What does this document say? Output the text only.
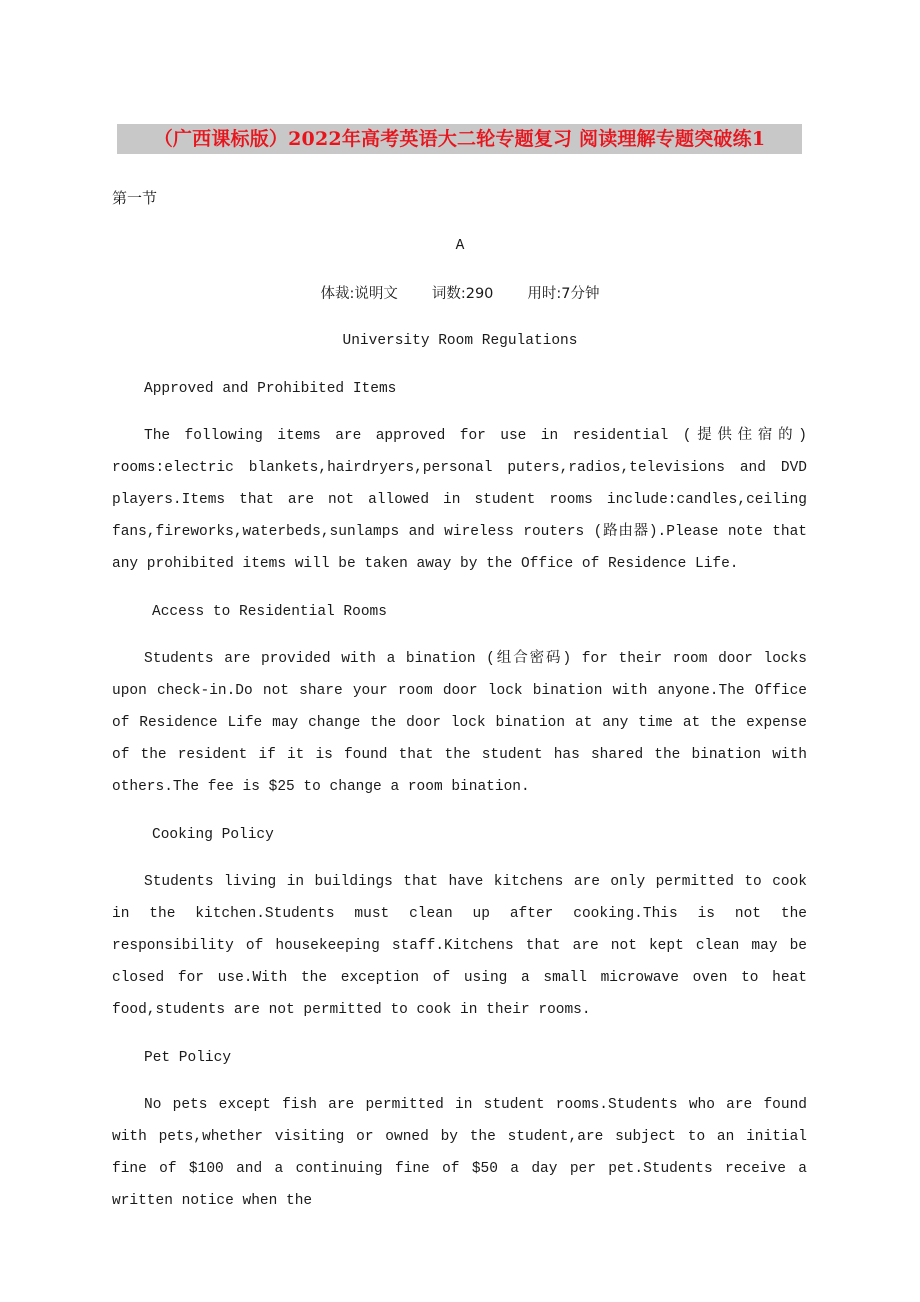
（广西课标版）2022年高考英语大二轮专题复习 阅读理解专题突破练1
第一节
A
体裁:说明文 词数:290 用时:7分钟
University Room Regulations
Approved and Prohibited Items

The following items are approved for use in residential (提供住宿的) rooms:electric blankets,hairdryers,personal puters,radios,televisions and DVD players.Items that are not allowed in student rooms include:candles,ceiling fans,fireworks,waterbeds,sunlamps and wireless routers (路由器).Please note that any prohibited items will be taken away by the Office of Residence Life.

Access to Residential Rooms

Students are provided with a bination (组合密码) for their room door locks upon check-in.Do not share your room door lock bination with anyone.The Office of Residence Life may change the door lock bination at any time at the expense of the resident if it is found that the student has shared the bination with others.The fee is $25 to change a room bination.

Cooking Policy

Students living in buildings that have kitchens are only permitted to cook in the kitchen.Students must clean up after cooking.This is not the responsibility of housekeeping staff.Kitchens that are not kept clean may be closed for use.With the exception of using a small microwave oven to heat food,students are not permitted to cook in their rooms.

Pet Policy

No pets except fish are permitted in student rooms.Students who are found with pets,whether visiting or owned by the student,are subject to an initial fine of $100 and a continuing fine of $50 a day per pet.Students receive a written notice when the
